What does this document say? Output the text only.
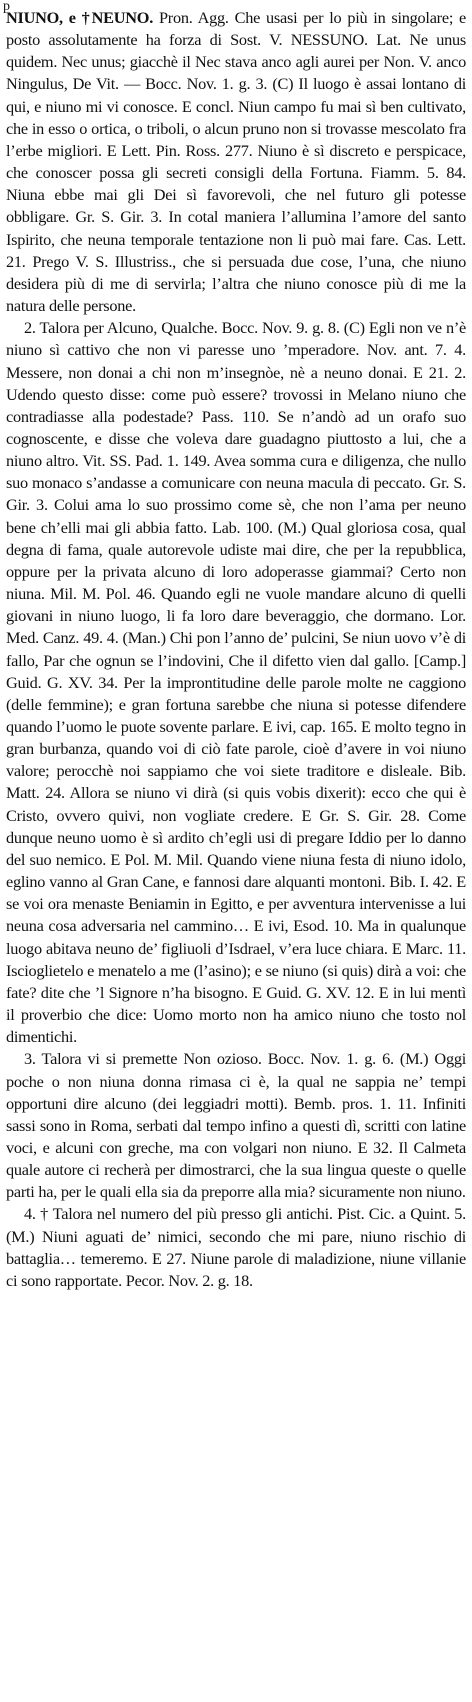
p

NIUNO, e †NEUNO. Pron. Agg. Che usasi per lo più in singolare; e posto assolutamente ha forza di Sost. V. NESSUNO. Lat. Ne unus quidem. Nec unus; giacchè il Nec stava anco agli aurei per Non. V. anco Ningulus, De Vit. — Bocc. Nov. 1. g. 3. (C) Il luogo è assai lontano di qui, e niuno mi vi conosce. E concl. Niun campo fu mai sì ben cultivato, che in esso o ortica, o triboli, o alcun pruno non si trovasse mescolato fra l’erbe migliori. E Lett. Pin. Ross. 277. Niuno è sì discreto e perspicace, che conoscer possa gli secreti consigli della Fortuna. Fiamm. 5. 84. Niuna ebbe mai gli Dei sì favorevoli, che nel futuro gli potesse obbligare. Gr. S. Gir. 3. In cotal maniera l’allumina l’amore del santo Ispirito, che neuna temporale tentazione non li può mai fare. Cas. Lett. 21. Prego V. S. Illustriss., che si persuada due cose, l’una, che niuno desidera più di me di servirla; l’altra che niuno conosce più di me la natura delle persone.

2. Talora per Alcuno, Qualche. Bocc. Nov. 9. g. 8. (C) Egli non ve n’è niuno sì cattivo che non vi paresse uno ’mperadore. Nov. ant. 7. 4. Messere, non donai a chi non m’insegnòe, nè a neuno donai. E 21. 2. Udendo questo disse: come può essere? trovossi in Melano niuno che contradiasse alla podestade? Pass. 110. Se n’andò ad un orafo suo cognoscente, e disse che voleva dare guadagno piuttosto a lui, che a niuno altro. Vit. SS. Pad. 1. 149. Avea somma cura e diligenza, che nullo suo monaco s’andasse a comunicare con neuna macula di peccato. Gr. S. Gir. 3. Colui ama lo suo prossimo come sè, che non l’ama per neuno bene ch’elli mai gli abbia fatto. Lab. 100. (M.) Qual gloriosa cosa, qual degna di fama, quale autorevole udiste mai dire, che per la repubblica, oppure per la privata alcuno di loro adoperasse giammai? Certo non niuna. Mil. M. Pol. 46. Quando egli ne vuole mandare alcuno di quelli giovani in niuno luogo, li fa loro dare beveraggio, che dormano. Lor. Med. Canz. 49. 4. (Man.) Chi pon l’anno de’ pulcini, Se niun uovo v’è di fallo, Par che ognun se l’indovini, Che il difetto vien dal gallo. [Camp.] Guid. G. XV. 34. Per la improntitudine delle parole molte ne caggiono (delle femmine); e gran fortuna sarebbe che niuna si potesse difendere quando l’uomo le puote sovente parlare. E ivi, cap. 165. E molto tegno in gran burbanza, quando voi di ciò fate parole, cioè d’avere in voi niuno valore; perocchè noi sappiamo che voi siete traditore e disleale. Bib. Matt. 24. Allora se niuno vi dirà (si quis vobis dixerit): ecco che qui è Cristo, ovvero quivi, non vogliate credere. E Gr. S. Gir. 28. Come dunque neuno uomo è sì ardito ch’egli usi di pregare Iddio per lo danno del suo nemico. E Pol. M. Mil. Quando viene niuna festa di niuno idolo, eglino vanno al Gran Cane, e fannosi dare alquanti montoni. Bib. I. 42. E se voi ora menaste Beniamin in Egitto, e per avventura intervenisse a lui neuna cosa adversaria nel cammino… E ivi, Esod. 10. Ma in qualunque luogo abitava neuno de’ figliuoli d’Isdrael, v’era luce chiara. E Marc. 11. Iscioglietelo e menatelo a me (l’asino); e se niuno (si quis) dirà a voi: che fate? dite che ’l Signore n’ha bisogno. E Guid. G. XV. 12. E in lui mentì il proverbio che dice: Uomo morto non ha amico niuno che tosto nol dimentichi.

3. Talora vi si premette Non ozioso. Bocc. Nov. 1. g. 6. (M.) Oggi poche o non niuna donna rimasa ci è, la qual ne sappia ne’ tempi opportuni dire alcuno (dei leggiadri motti). Bemb. pros. 1. 11. Infiniti sassi sono in Roma, serbati dal tempo infino a questi dì, scritti con latine voci, e alcuni con greche, ma con volgari non niuno. E 32. Il Calmeta quale autore ci recherà per dimostrarci, che la sua lingua queste o quelle parti ha, per le quali ella sia da preporre alla mia? sicuramente non niuno.

4. † Talora nel numero del più presso gli antichi. Pist. Cic. a Quint. 5. (M.) Niuni aguati de’ nimici, secondo che mi pare, niuno rischio di battaglia… temeremo. E 27. Niune parole di maladizione, niune villanie ci sono rapportate. Pecor. Nov. 2. g. 18.
